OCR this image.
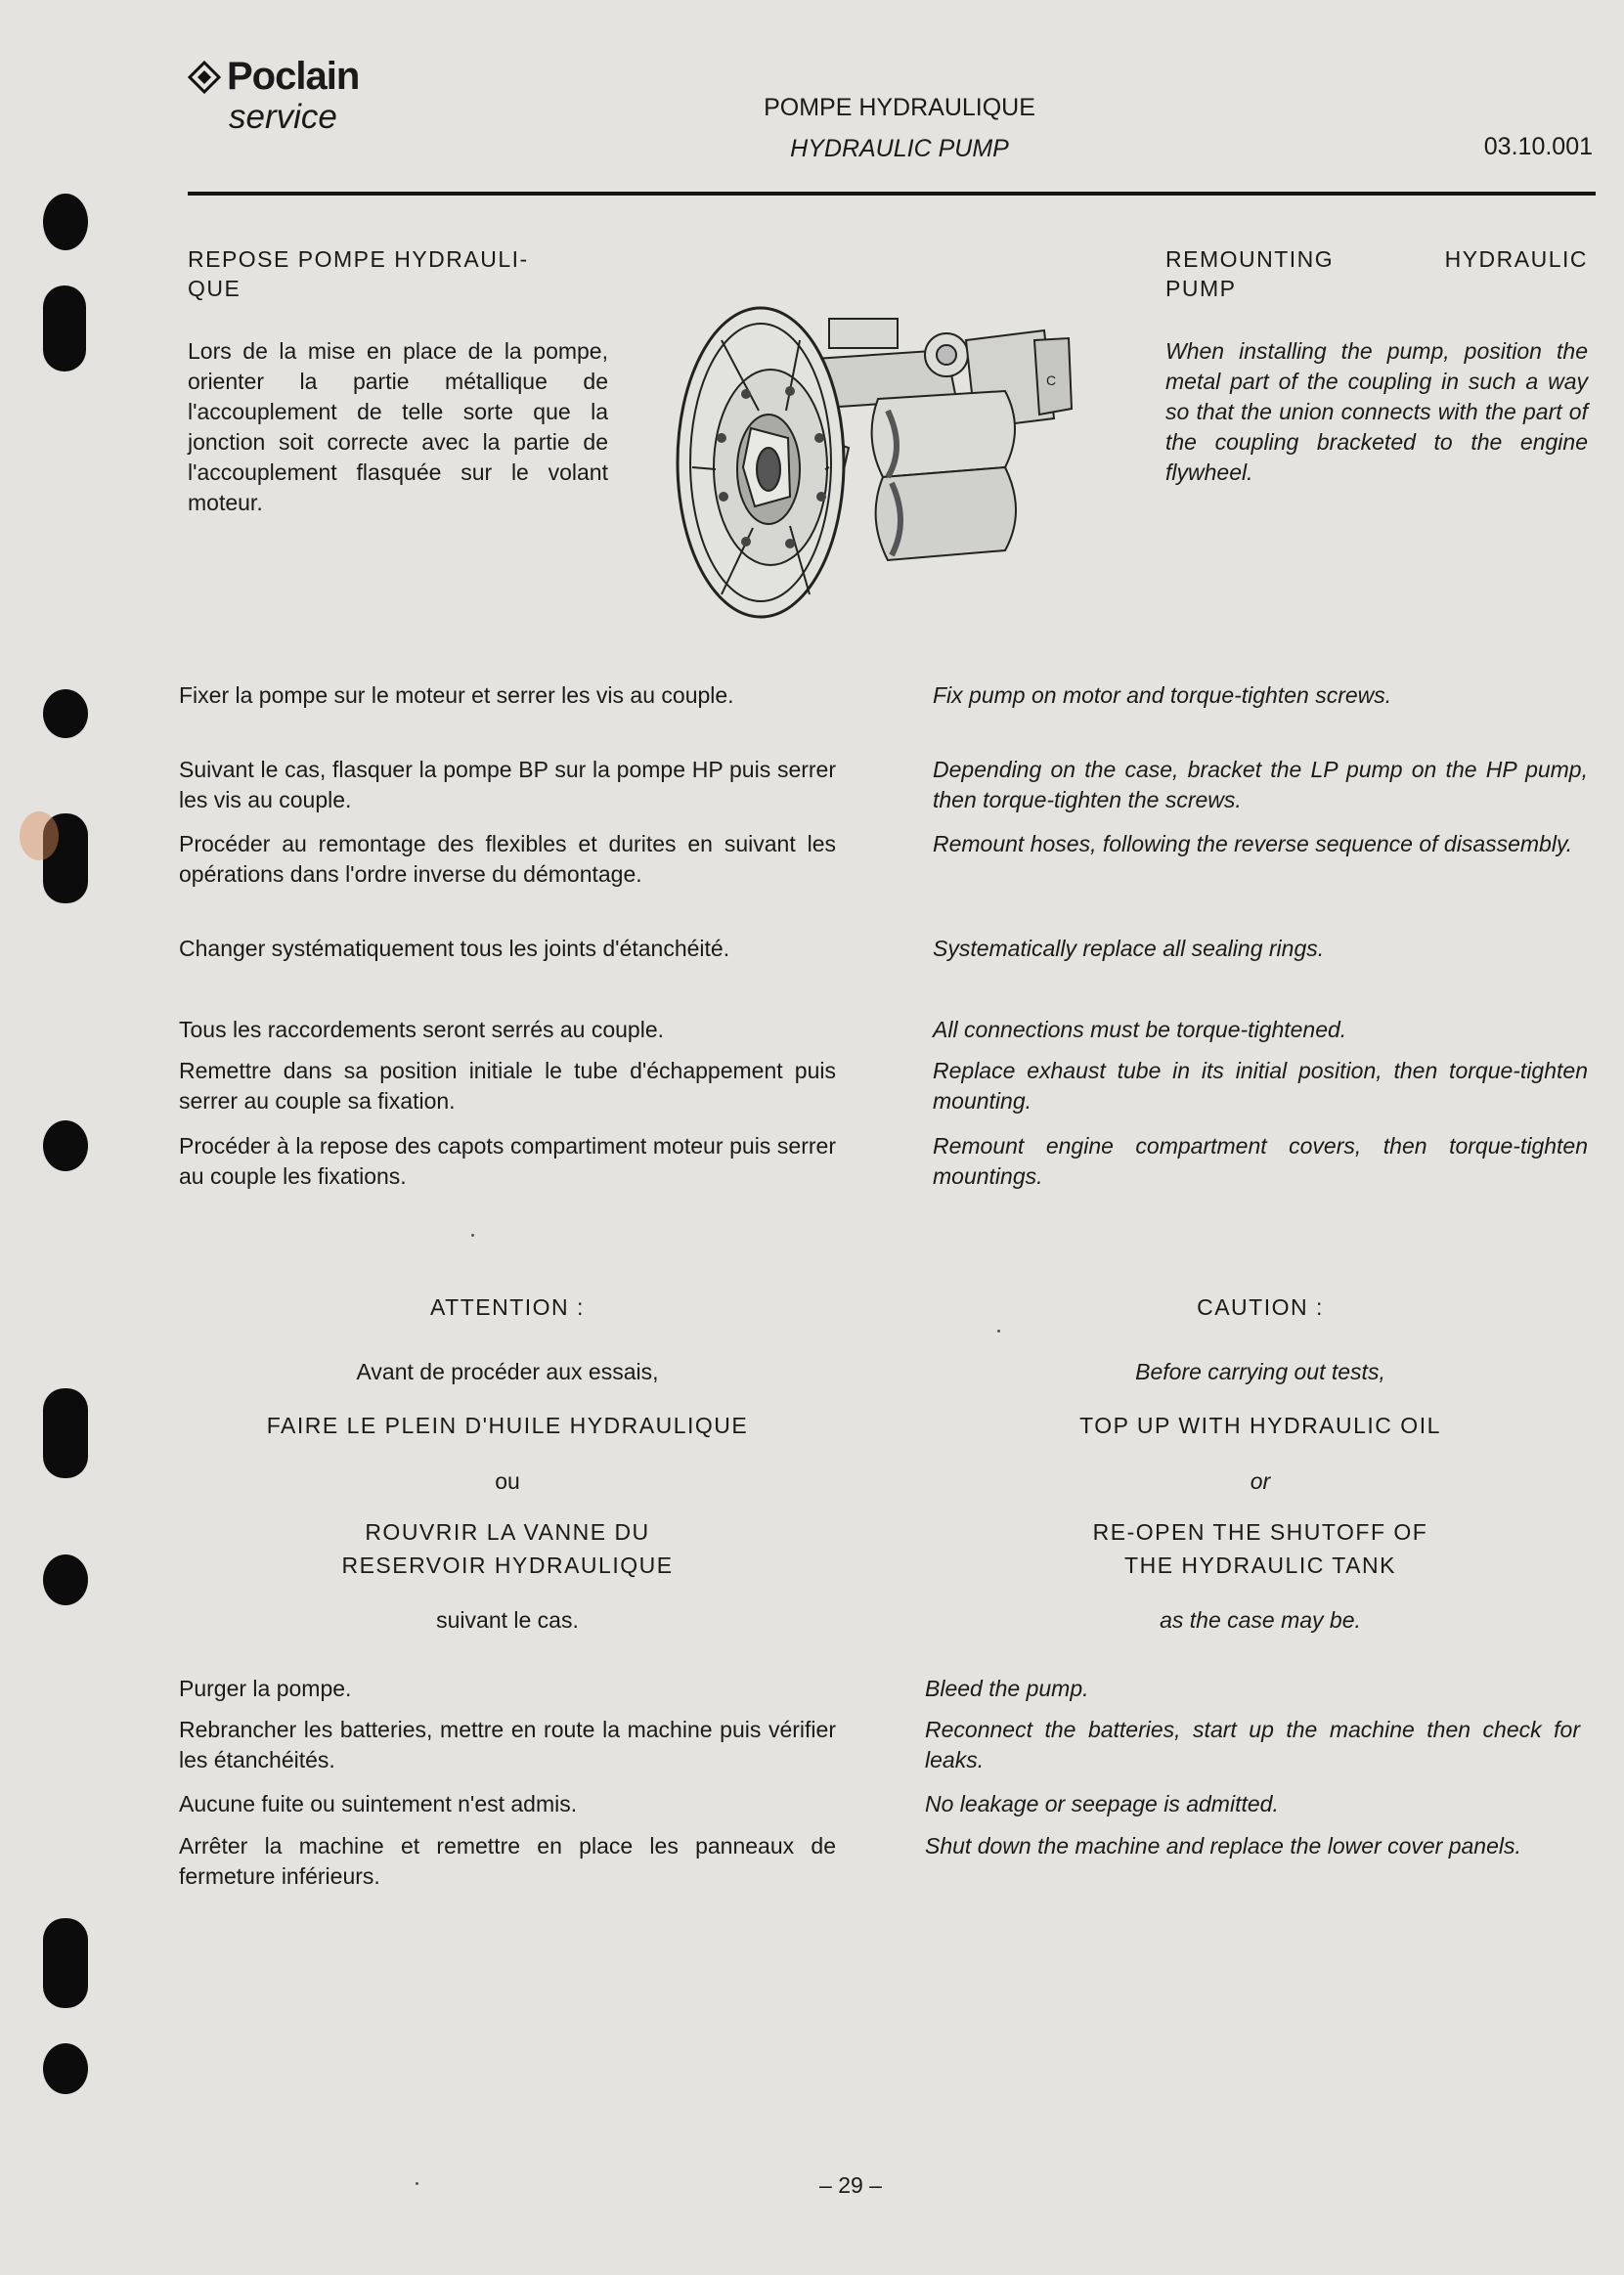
Poclain
service	POMPE HYDRAULIQUE
HYDRAULIC PUMP	03.10.001
REPOSE POMPE HYDRAULI-
QUE
Lors de la mise en place de la pompe, orienter la partie métallique de l'accouplement de telle sorte que la jonction soit correcte avec la partie de l'accouplement flasquée sur le volant moteur.
C
REMOUNTING HYDRAULIC
PUMP
When installing the pump, position the metal part of the coupling in such a way so that the union connects with the part of the coupling bracketed to the engine flywheel.
Fixer la pompe sur le moteur et serrer les vis au couple.
Suivant le cas, flasquer la pompe BP sur la pompe HP puis serrer les vis au couple.
Procéder au remontage des flexibles et durites en suivant les opérations dans l'ordre inverse du démontage.
Changer systématiquement tous les joints d'étanchéité.
Tous les raccordements seront serrés au couple.
Remettre dans sa position initiale le tube d'échappement puis serrer au couple sa fixation.
Procéder à la repose des capots compartiment moteur puis serrer au couple les fixations.
Fix pump on motor and torque-tighten screws.
Depending on the case, bracket the LP pump on the HP pump, then torque-tighten the screws.
Remount hoses, following the reverse sequence of disassembly.
Systematically replace all sealing rings.
All connections must be torque-tightened.
Replace exhaust tube in its initial position, then torque-tighten mounting.
Remount engine compartment covers, then torque-tighten mountings.
ATTENTION :
Avant de procéder aux essais,
FAIRE LE PLEIN D'HUILE HYDRAULIQUE
ou
ROUVRIR LA VANNE DU
RESERVOIR HYDRAULIQUE
suivant le cas.
CAUTION :
Before carrying out tests,
TOP UP WITH HYDRAULIC OIL
or
RE-OPEN THE SHUTOFF OF
THE HYDRAULIC TANK
as the case may be.
Purger la pompe.
Rebrancher les batteries, mettre en route la machine puis vérifier les étanchéités.
Aucune fuite ou suintement n'est admis.
Arrêter la machine et remettre en place les panneaux de fermeture inférieurs.
Bleed the pump.
Reconnect the batteries, start up the machine then check for leaks.
No leakage or seepage is admitted.
Shut down the machine and replace the lower cover panels.
– 29 –
